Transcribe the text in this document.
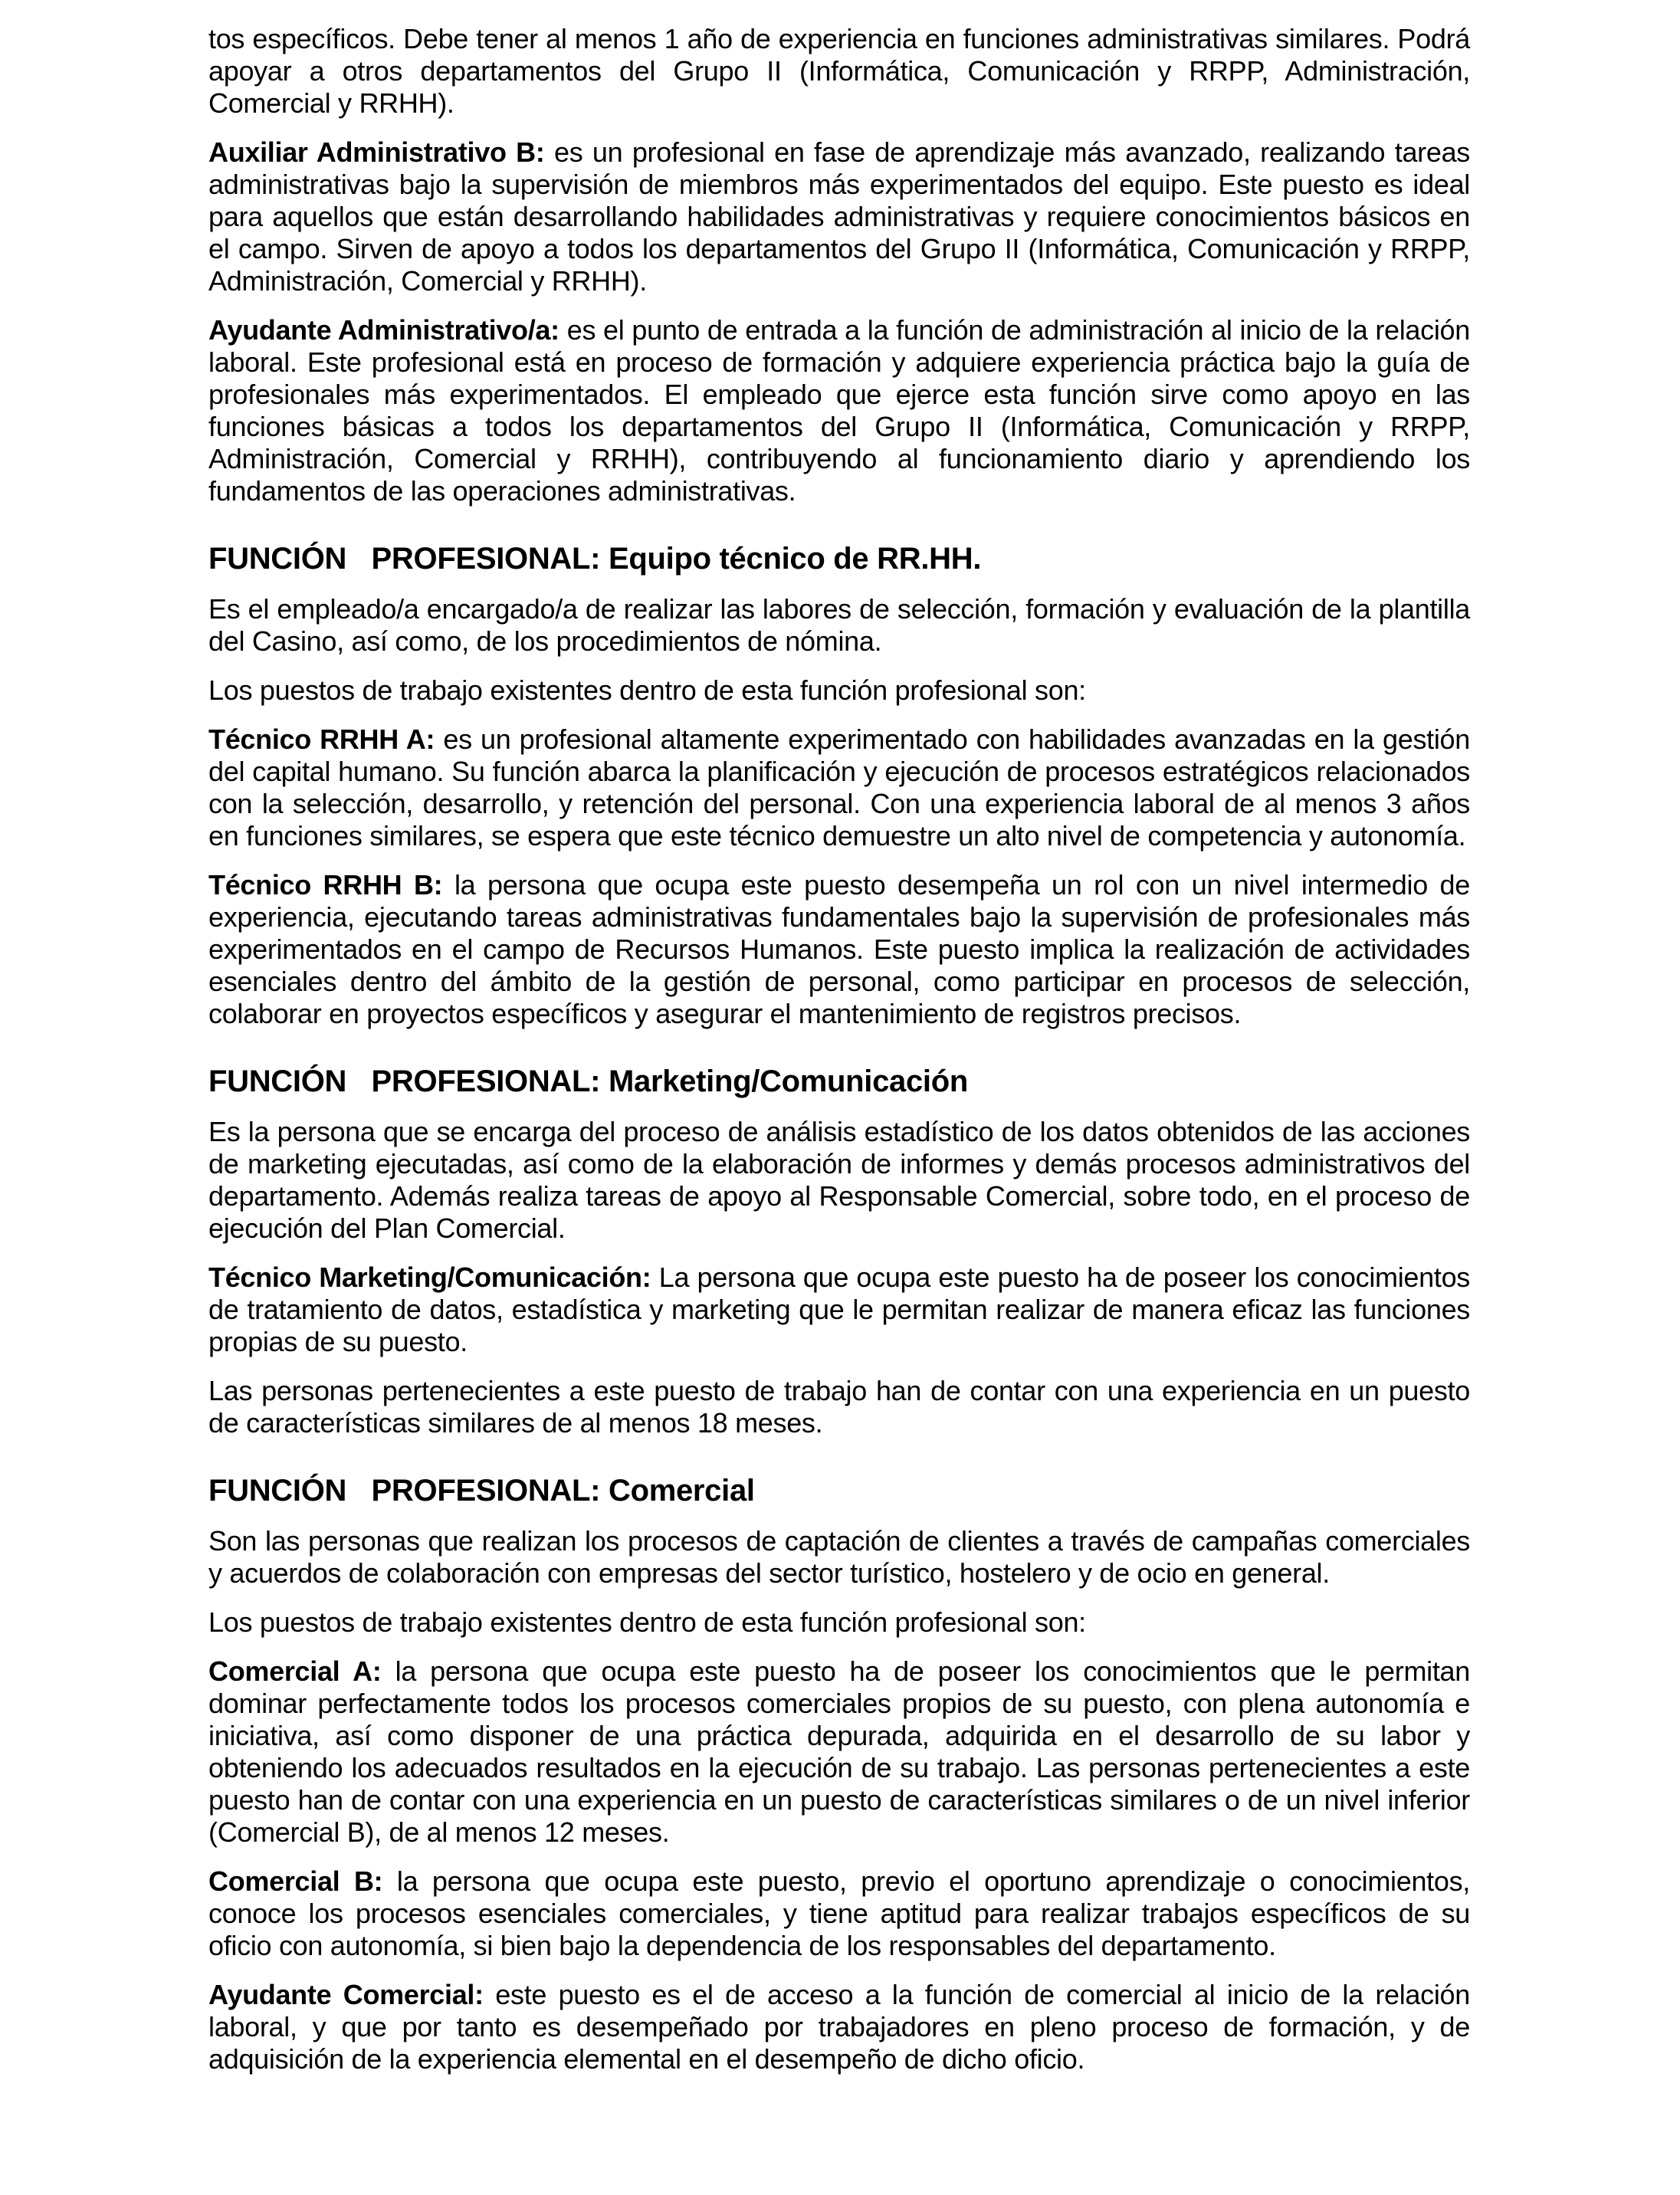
tos específicos. Debe tener al menos 1 año de experiencia en funciones administrativas similares. Podrá apoyar a otros departamentos del Grupo II (Informática, Comunicación y RRPP, Administración, Comercial y RRHH).

Auxiliar Administrativo B: es un profesional en fase de aprendizaje más avanzado, realizando tareas administrativas bajo la supervisión de miembros más experimentados del equipo. Este puesto es ideal para aquellos que están desarrollando habilidades administrativas y requiere conocimientos básicos en el campo. Sirven de apoyo a todos los departamentos del Grupo II (Informática, Comunicación y RRPP, Administración, Comercial y RRHH).

Ayudante Administrativo/a: es el punto de entrada a la función de administración al inicio de la relación laboral. Este profesional está en proceso de formación y adquiere experiencia práctica bajo la guía de profesionales más experimentados. El empleado que ejerce esta función sirve como apoyo en las funciones básicas a todos los departamentos del Grupo II (Informática, Comunicación y RRPP, Administración, Comercial y RRHH), contribuyendo al funcionamiento diario y aprendiendo los fundamentos de las operaciones administrativas.

FUNCIÓN   PROFESIONAL: Equipo técnico de RR.HH.

Es el empleado/a encargado/a de realizar las labores de selección, formación y evaluación de la plantilla del Casino, así como, de los procedimientos de nómina.

Los puestos de trabajo existentes dentro de esta función profesional son:

Técnico RRHH A: es un profesional altamente experimentado con habilidades avanzadas en la gestión del capital humano. Su función abarca la planificación y ejecución de procesos estratégicos relacionados con la selección, desarrollo, y retención del personal. Con una experiencia laboral de al menos 3 años en funciones similares, se espera que este técnico demuestre un alto nivel de competencia y autonomía.

Técnico RRHH B: la persona que ocupa este puesto desempeña un rol con un nivel intermedio de experiencia, ejecutando tareas administrativas fundamentales bajo la supervisión de profesionales más experimentados en el campo de Recursos Humanos. Este puesto implica la realización de actividades esenciales dentro del ámbito de la gestión de personal, como participar en procesos de selección, colaborar en proyectos específicos y asegurar el mantenimiento de registros precisos.

FUNCIÓN   PROFESIONAL: Marketing/Comunicación

Es la persona que se encarga del proceso de análisis estadístico de los datos obtenidos de las acciones de marketing ejecutadas, así como de la elaboración de informes y demás procesos administrativos del departamento. Además realiza tareas de apoyo al Responsable Comercial, sobre todo, en el proceso de ejecución del Plan Comercial.

Técnico Marketing/Comunicación: La persona que ocupa este puesto ha de poseer los conocimientos de tratamiento de datos, estadística y marketing que le permitan realizar de manera eficaz las funciones propias de su puesto.

Las personas pertenecientes a este puesto de trabajo han de contar con una experiencia en un puesto de características similares de al menos 18 meses.

FUNCIÓN   PROFESIONAL: Comercial

Son las personas que realizan los procesos de captación de clientes a través de campañas comerciales y acuerdos de colaboración con empresas del sector turístico, hostelero y de ocio en general.

Los puestos de trabajo existentes dentro de esta función profesional son:

Comercial A: la persona que ocupa este puesto ha de poseer los conocimientos que le permitan dominar perfectamente todos los procesos comerciales propios de su puesto, con plena autonomía e iniciativa, así como disponer de una práctica depurada, adquirida en el desarrollo de su labor y obteniendo los adecuados resultados en la ejecución de su trabajo. Las personas pertenecientes a este puesto han de contar con una experiencia en un puesto de características similares o de un nivel inferior (Comercial B), de al menos 12 meses.

Comercial B: la persona que ocupa este puesto, previo el oportuno aprendizaje o conocimientos, conoce los procesos esenciales comerciales, y tiene aptitud para realizar trabajos específicos de su oficio con autonomía, si bien bajo la dependencia de los responsables del departamento.

Ayudante Comercial: este puesto es el de acceso a la función de comercial al inicio de la relación laboral, y que por tanto es desempeñado por trabajadores en pleno proceso de formación, y de adquisición de la experiencia elemental en el desempeño de dicho oficio.
